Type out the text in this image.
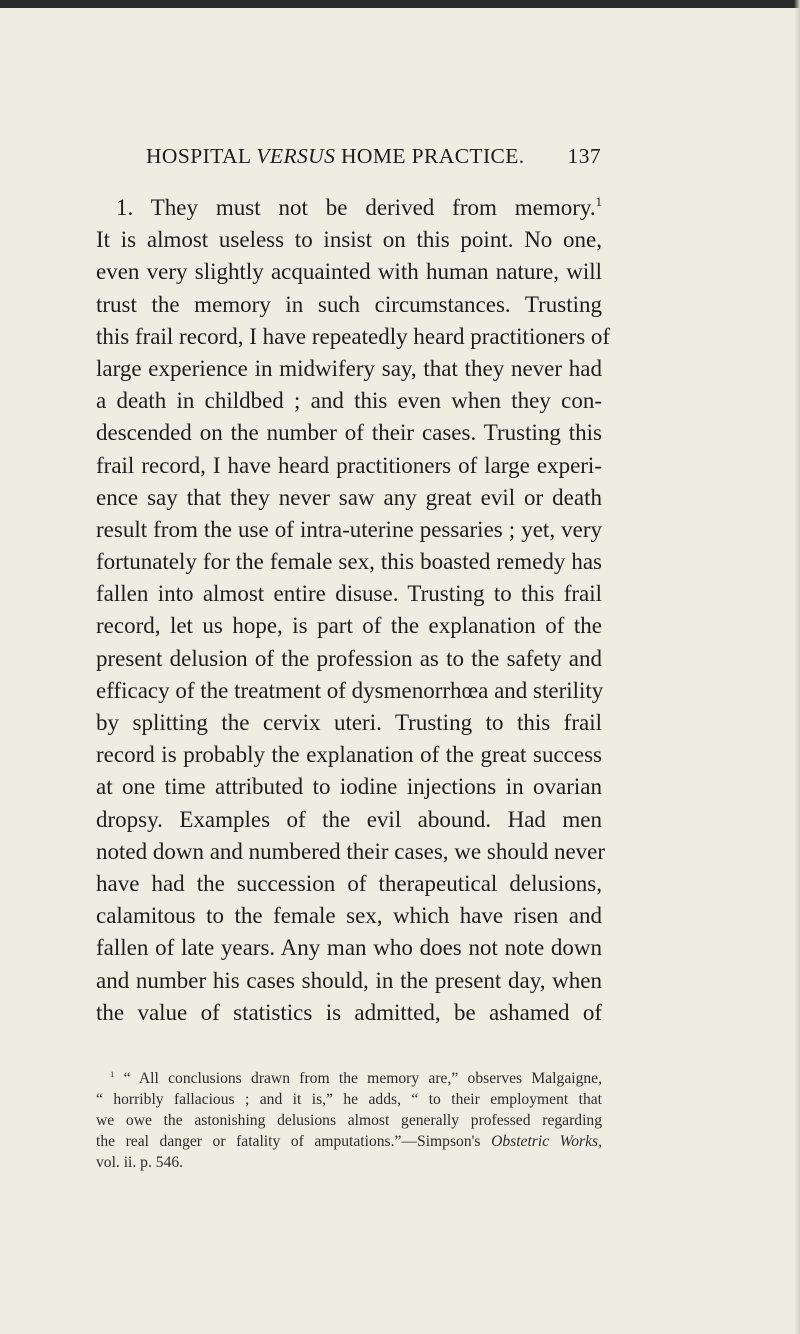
HOSPITAL VERSUS HOME PRACTICE. 137
1. They must not be derived from memory.$^1$
It is almost useless to insist on this point. No one,
even very slightly acquainted with human nature, will
trust the memory in such circumstances. Trusting
this frail record, I have repeatedly heard practitioners of
large experience in midwifery say, that they never had
a death in childbed ; and this even when they con-
descended on the number of their cases. Trusting this
frail record, I have heard practitioners of large experi-
ence say that they never saw any great evil or death
result from the use of intra-uterine pessaries ; yet, very
fortunately for the female sex, this boasted remedy has
fallen into almost entire disuse. Trusting to this frail
record, let us hope, is part of the explanation of the
present delusion of the profession as to the safety and
efficacy of the treatment of dysmenorrhœa and sterility
by splitting the cervix uteri. Trusting to this frail
record is probably the explanation of the great success
at one time attributed to iodine injections in ovarian
dropsy. Examples of the evil abound. Had men
noted down and numbered their cases, we should never
have had the succession of therapeutical delusions,
calamitous to the female sex, which have risen and
fallen of late years. Any man who does not note down
and number his cases should, in the present day, when
the value of statistics is admitted, be ashamed of
$^1$ “ All conclusions drawn from the memory are,” observes Malgaigne,
“ horribly fallacious ; and it is,” he adds, “ to their employment that
we owe the astonishing delusions almost generally professed regarding
the real danger or fatality of amputations.”—Simpson's Obstetric Works,
vol. ii. p. 546.
